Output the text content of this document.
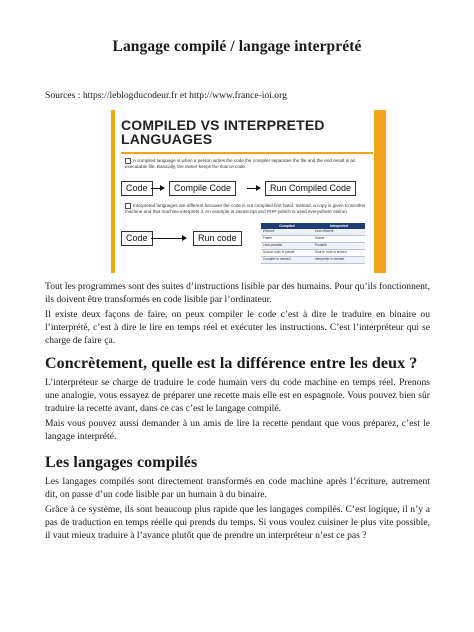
Langage compilé / langage interprété
Sources : https://leblogducodeur.fr et http://www.france-ioi.org
COMPILED VS INTERPRETED
LANGUAGES
A compiled language is when a person writes the code the compiler separates the file and the end result is an executable file. Basically, the owner keeps the source code.
Code	Compile Code	Run Compiled Code
Interpreted languages are different because the code is not compiled first hand. Instead, a copy is given to another machine and that machine interprets it. An example is JavaScript and PHP (which is used everywhere online).
Code	Run code
Compiled	Interpreted
Efficient	Less efficient
Faster	Slower
Less portable	Portable
Source code is private	Source code is shared
Compiler is needed	Interpreter is needed
Tout les programmes sont des suites d’instructions lisible par des humains. Pour qu’ils fonctionnent, ils doivent être transformés en code lisible par l’ordinateur.
Il existe deux façons de faire, on peux compiler le code c’est à dire le traduire en binaire ou l’interprété, c’est à dire le lire en temps réel et exécuter les instructions. C’est l’interpréteur qui se charge de faire ça.
Concrètement, quelle est la différence entre les deux ?
L’interpréteur se charge de traduire le code humain vers du code machine en temps réel. Prenons une analogie, vous essayez de préparer une recette mais elle est en espagnole. Vous pouvez bien sûr traduire la recette avant, dans ce cas c’est le langage compilé.
Mais vous pouvez aussi demander à un amis de lire la recette pendant que vous préparez, c’est le langage interprété.
Les langages compilés
Les langages compilés sont directement transformés en code machine après l’écriture, autrement dit, on passe d’un code lisible par un humain à du binaire.
Grâce à ce système, ils sont beaucoup plus rapide que les langages compilés. C’est logique, il n’y a pas de traduction en temps réelle qui prends du temps. Si vous voulez cuisiner le plus vite possible, il vaut mieux traduire à l’avance plutôt que de prendre un interpréteur n’est ce pas ?
